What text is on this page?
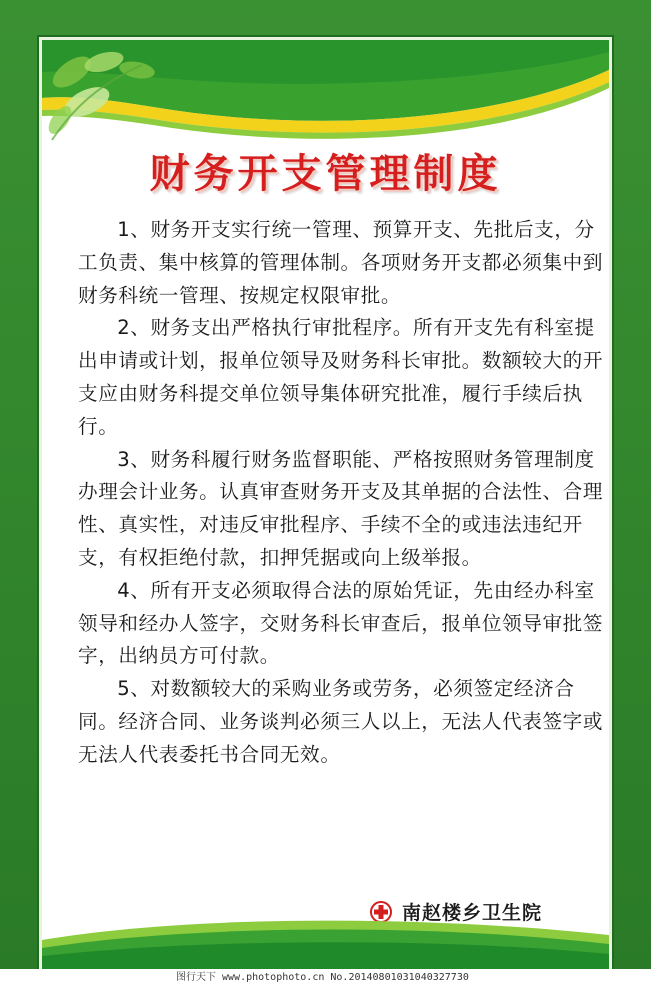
财务开支管理制度

1、财务开支实行统一管理、预算开支、先批后支，分工负责、集中核算的管理体制。各项财务开支都必须集中到财务科统一管理、按规定权限审批。

2、财务支出严格执行审批程序。所有开支先有科室提出申请或计划，报单位领导及财务科长审批。数额较大的开支应由财务科提交单位领导集体研究批准，履行手续后执行。

3、财务科履行财务监督职能、严格按照财务管理制度办理会计业务。认真审查财务开支及其单据的合法性、合理性、真实性，对违反审批程序、手续不全的或违法违纪开支，有权拒绝付款，扣押凭据或向上级举报。

4、所有开支必须取得合法的原始凭证，先由经办科室领导和经办人签字，交财务科长审查后，报单位领导审批签字，出纳员方可付款。

5、对数额较大的采购业务或劳务，必须签定经济合同。经济合同、业务谈判必须三人以上，无法人代表签字或无法人代表委托书合同无效。

南赵楼乡卫生院
图行天下 www.photophoto.cn No.20140801031040327730
